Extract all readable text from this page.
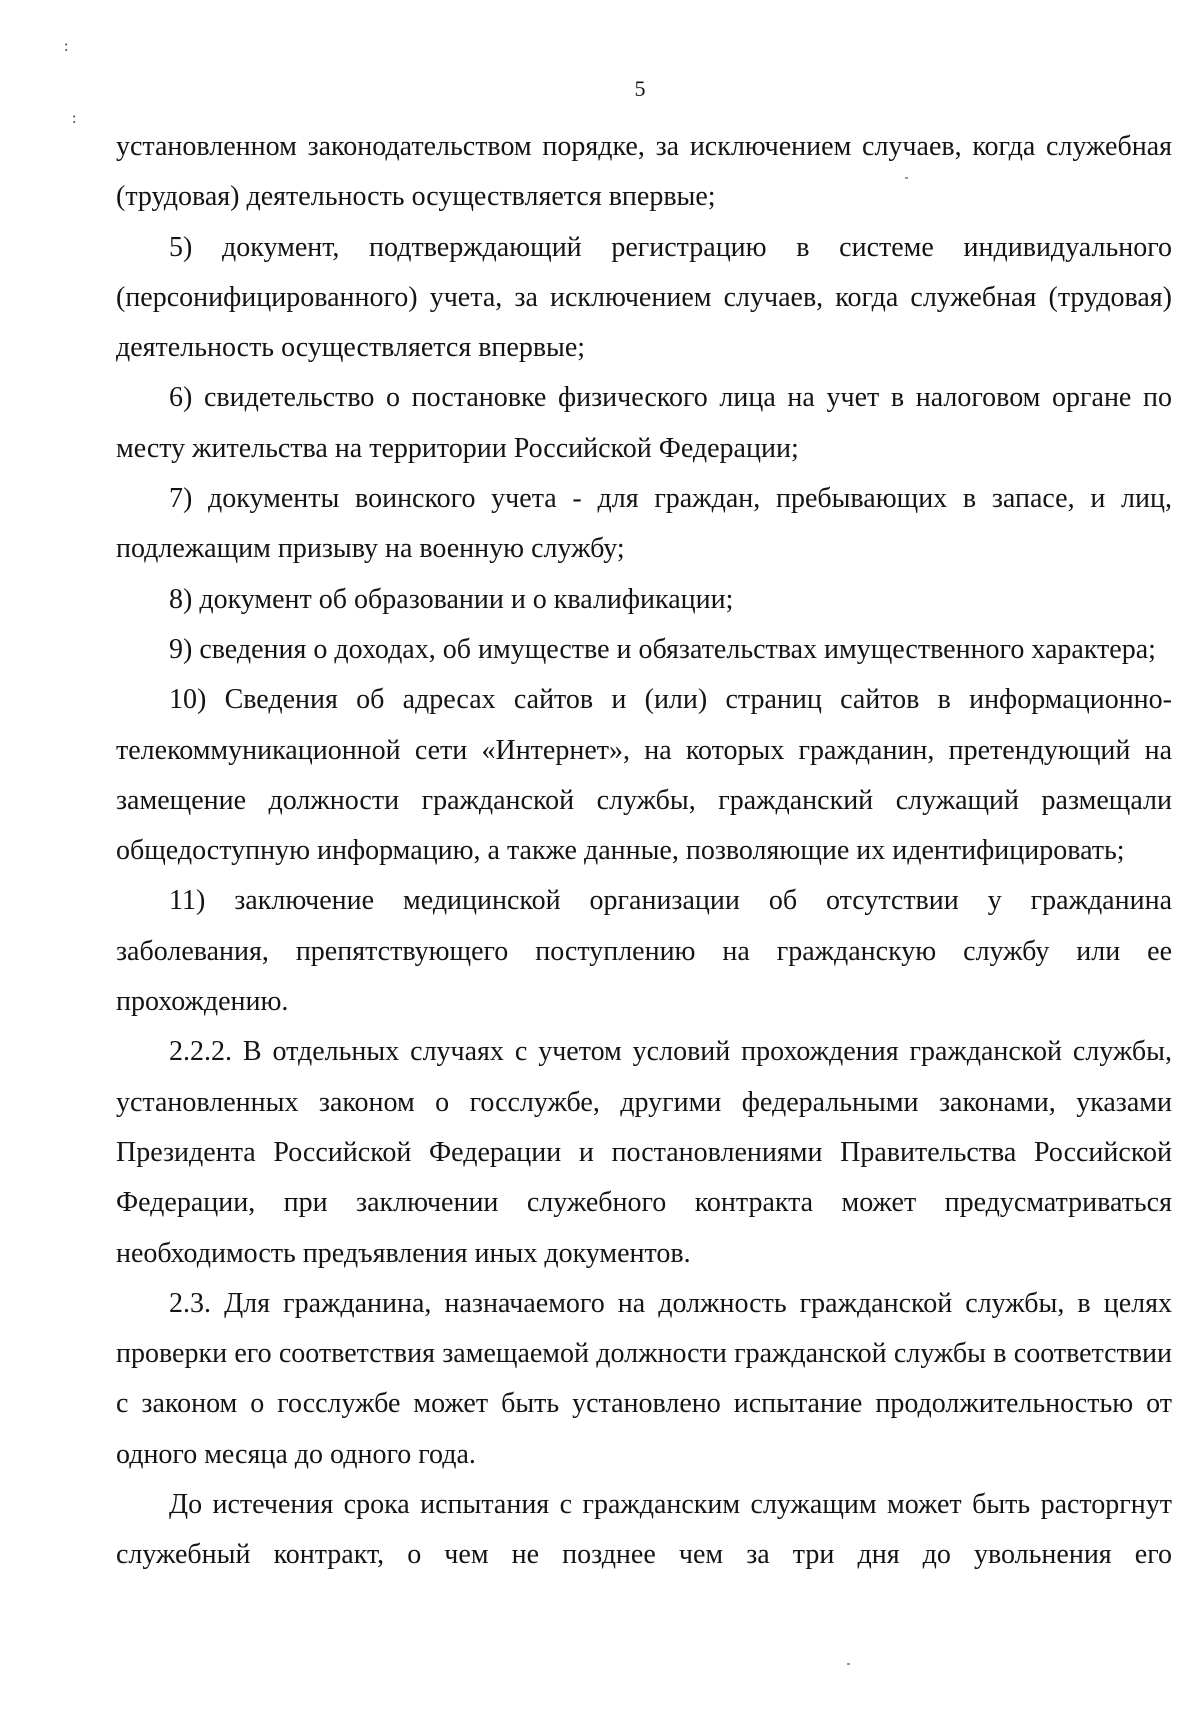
:
:
5

установленном законодательством порядке, за исключением случаев, когда служебная (трудовая) деятельность осуществляется впервые;

5) документ, подтверждающий регистрацию в системе индивидуального (персонифицированного) учета, за исключением случаев, когда служебная (трудовая) деятельность осуществляется впервые;

6) свидетельство о постановке физического лица на учет в налоговом органе по месту жительства на территории Российской Федерации;

7) документы воинского учета - для граждан, пребывающих в запасе, и лиц, подлежащим призыву на военную службу;

8) документ об образовании и о квалификации;

9) сведения о доходах, об имуществе и обязательствах имущественного характера;

10) Сведения об адресах сайтов и (или) страниц сайтов в информационно-телекоммуникационной сети «Интернет», на которых гражданин, претендующий на замещение должности гражданской службы, гражданский служащий размещали общедоступную информацию, а также данные, позволяющие их идентифицировать;

11) заключение медицинской организации об отсутствии у гражданина заболевания, препятствующего поступлению на гражданскую службу или ее прохождению.

2.2.2. В отдельных случаях с учетом условий прохождения гражданской службы, установленных законом о госслужбе, другими федеральными законами, указами Президента Российской Федерации и постановлениями Правительства Российской Федерации, при заключении служебного контракта может предусматриваться необходимость предъявления иных документов.

2.3. Для гражданина, назначаемого на должность гражданской службы, в целях проверки его соответствия замещаемой должности гражданской службы в соответствии с законом о госслужбе может быть установлено испытание продолжительностью от одного месяца до одного года.

До истечения срока испытания с гражданским служащим может быть расторгнут служебный контракт, о чем не позднее чем за три дня до увольнения его
